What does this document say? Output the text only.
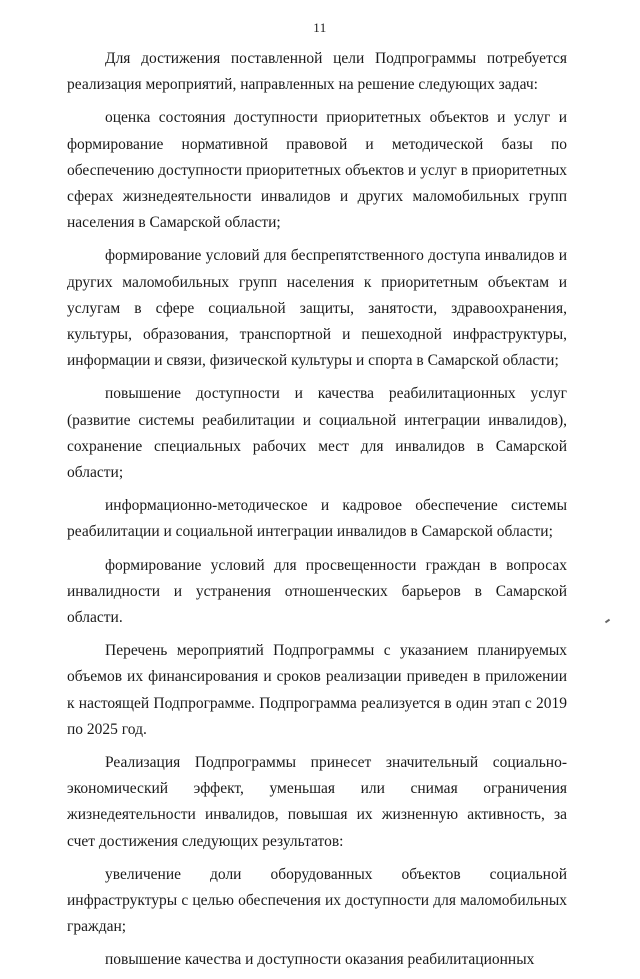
11

Для достижения поставленной цели Подпрограммы потребуется реализация мероприятий, направленных на решение следующих задач:

оценка состояния доступности приоритетных объектов и услуг и формирование нормативной правовой и методической базы по обеспечению доступности приоритетных объектов и услуг в приоритетных сферах жизнедеятельности инвалидов и других маломобильных групп населения в Самарской области;

формирование условий для беспрепятственного доступа инвалидов и других маломобильных групп населения к приоритетным объектам и услугам в сфере социальной защиты, занятости, здравоохранения, культуры, образования, транспортной и пешеходной инфраструктуры, информации и связи, физической культуры и спорта в Самарской области;

повышение доступности и качества реабилитационных услуг (развитие системы реабилитации и социальной интеграции инвалидов), сохранение специальных рабочих мест для инвалидов в Самарской области;

информационно-методическое и кадровое обеспечение системы реабилитации и социальной интеграции инвалидов в Самарской области;

формирование условий для просвещенности граждан в вопросах инвалидности и устранения отношенческих барьеров в Самарской области.

Перечень мероприятий Подпрограммы с указанием планируемых объемов их финансирования и сроков реализации приведен в приложении к настоящей Подпрограмме. Подпрограмма реализуется в один этап с 2019 по 2025 год.

Реализация Подпрограммы принесет значительный социально-экономический эффект, уменьшая или снимая ограничения жизнедеятельности инвалидов, повышая их жизненную активность, за счет достижения следующих результатов:

увеличение доли оборудованных объектов социальной инфраструктуры с целью обеспечения их доступности для маломобильных граждан;

повышение качества и доступности оказания реабилитационных
